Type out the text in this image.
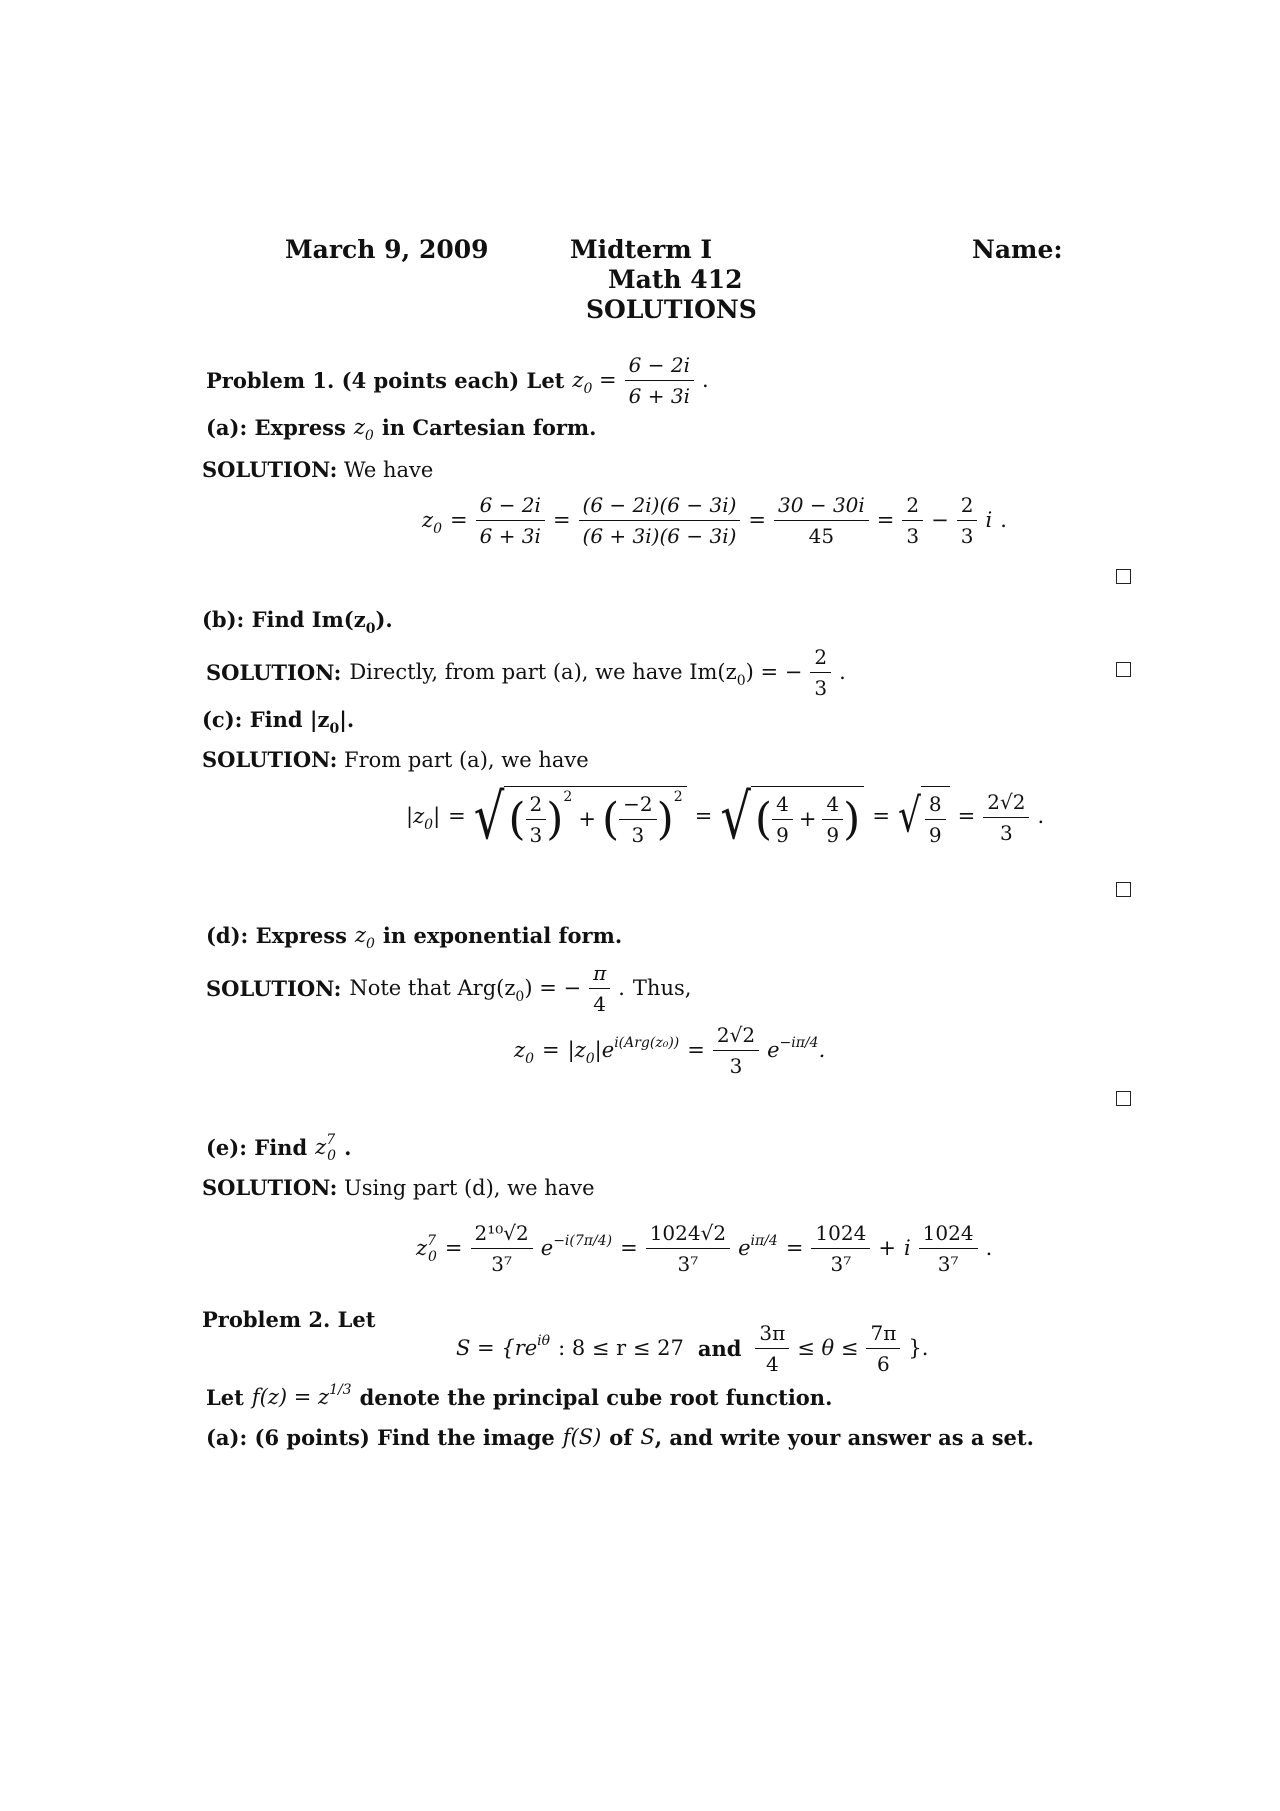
March 9, 2009	Midterm I
Math 412
SOLUTIONS
Name:
Problem 1. (4 points each) Let $z_0 = \frac{6 - 2i}{6 + 3i}$ .
(a): Express $z_0$ in Cartesian form.
SOLUTION: We have
$z_0 = \frac{6 - 2i}{6 + 3i} = \frac{(6 - 2i)(6 - 3i)}{(6 + 3i)(6 - 3i)} = \frac{30 - 30i}{45} = \frac{2}{3} - \frac{2}{3}$ i .
(b): Find $Im(z_0)$.
SOLUTION: Directly, from part (a), we have $Im(z_0)$ = − $\frac{2}{3}$ .
(c): Find $|z_0|$.
SOLUTION: From part (a), we have
$|z_0|$ = √ ( $\frac{2}{3}$ ) 2
+ ( $\frac{-2}{3}$ ) 2
= √ ( $\frac{4}{9} + \frac{4}{9}$ ) = √ $\frac{8}{9} = \frac{2√2}{3}$ .
(d): Express $z_0$ in exponential form.
SOLUTION: Note that $Arg(z_0)$ = − $\frac{\pi}{4}$ . Thus,
$z_0 = |z_0|e^{i(Arg(z_0))} = \frac{2√2}{3} e^{-i\pi/4}$.
(e): Find $z^7_0$ .
SOLUTION: Using part (d), we have
$z^7_0 = \frac{\text{2¹⁰√2}}{\text{3⁷}} e^{-i(7\pi/4)} = \frac{1024√2}{\text{3⁷}} e^{i\pi/4} = \frac{1024}{\text{3⁷}} + i \frac{1024}{\text{3⁷}}$ .
Problem 2. Let
$S = \{re^{i\theta}$ : 8 ≤ r ≤ 27 and $\frac{3\pi}{4} \le \theta \le \frac{7\pi}{6}$ }.
Let $f(z) = z^{1/3}$ denote the principal cube root function.
(a): (6 points) Find the image f(S) of S , and write your answer as a set.
